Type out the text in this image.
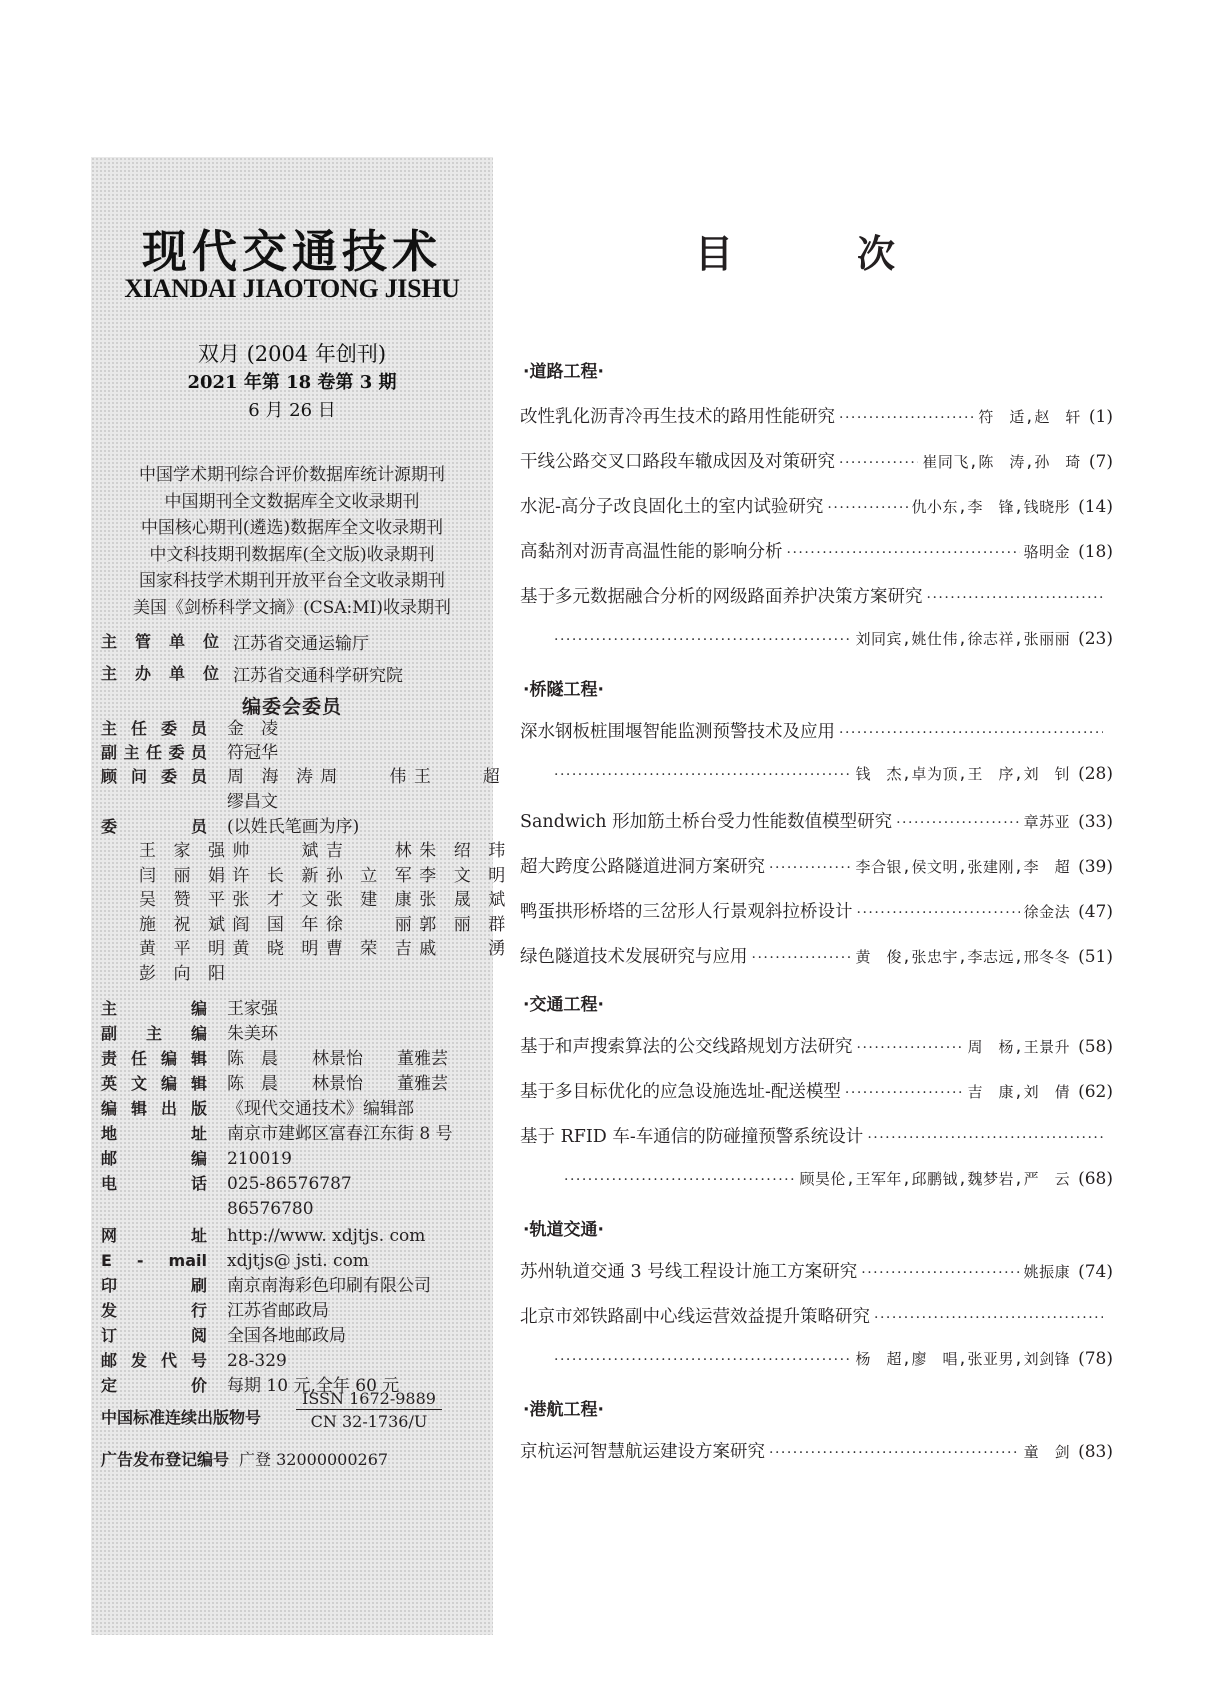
现代交通技术
XIANDAI JIAOTONG JISHU
双月 (2004 年创刊)
2021 年第 18 卷第 3 期
6 月 26 日
中国学术期刊综合评价数据库统计源期刊
中国期刊全文数据库全文收录期刊
中国核心期刊(遴选)数据库全文收录期刊
中文科技期刊数据库(全文版)收录期刊
国家科技学术期刊开放平台全文收录期刊
美国《剑桥科学文摘》(CSA:MI)收录期刊
主管单位 江苏省交通运输厅
主办单位 江苏省交通科学研究院
编委会委员
主任委员 金　凌
副主任委员 符冠华
顾问委员	周海涛 周伟 王超
缪昌文
委员 (以姓氏笔画为序)
王家强 帅斌 吉林 朱绍玮
闫丽娟 许长新 孙立军 李文明
吴赞平 张才文 张建康 张晟斌
施祝斌 阎国年 徐丽 郭丽群
黄平明 黄晓明 曹荣吉 戚湧
彭向阳
主编 王家强
副主编 朱美环
责任编辑 陈　晨　　林景怡　　董雅芸
英文编辑 陈　晨　　林景怡　　董雅芸
编辑出版 《现代交通技术》编辑部
地址 南京市建邺区富春江东街 8 号
邮编 210019
电话 025-86576787
86576780
网址 http://www. xdjtjs. com
E - mail xdjtjs@ jsti. com
印刷 南京南海彩色印刷有限公司
发行 江苏省邮政局
订阅 全国各地邮政局
邮发代号 28-329
定价 每期 10 元,全年 60 元
中国标准连续出版物号
ISSN 1672-9889
CN 32-1736/U
广告发布登记编号 广登 32000000267
目	次
·道路工程·
改性乳化沥青冷再生技术的路用性能研究 ·····	符　适,赵　轩 (1)
干线公路交叉口路段车辙成因及对策研究 ·····	崔同飞,陈　涛,孙　琦 (7)
水泥-高分子改良固化土的室内试验研究 ·····	仇小东,李　锋,钱晓彤 (14)
高黏剂对沥青高温性能的影响分析 ·····	骆明金 (18)
基于多元数据融合分析的网级路面养护决策方案研究
·····
·····
刘同宾,姚仕伟,徐志祥,张丽丽 (23)
·桥隧工程·
深水钢板桩围堰智能监测预警技术及应用
·····
·····
钱　杰,卓为顶,王　序,刘　钊 (28)
Sandwich 形加筋土桥台受力性能数值模型研究 ·····	章苏亚 (33)
超大跨度公路隧道进洞方案研究 ·····	李合银,侯文明,张建刚,李　超 (39)
鸭蛋拱形桥塔的三岔形人行景观斜拉桥设计 ·····	徐金法 (47)
绿色隧道技术发展研究与应用 ·····	黄　俊,张忠宇,李志远,邢冬冬 (51)
·交通工程·
基于和声搜索算法的公交线路规划方法研究 ·····	周　杨,王景升 (58)
基于多目标优化的应急设施选址-配送模型 ·····	吉　康,刘　倩 (62)
基于 RFID 车-车通信的防碰撞预警系统设计
·····
·····
顾昊伦,王军年,邱鹏钺,魏梦岩,严　云 (68)
·轨道交通·
苏州轨道交通 3 号线工程设计施工方案研究 ·····	姚振康 (74)
北京市郊铁路副中心线运营效益提升策略研究
·····
·····
杨　超,廖　唱,张亚男,刘剑锋 (78)
·港航工程·
京杭运河智慧航运建设方案研究 ·····	童　剑 (83)
